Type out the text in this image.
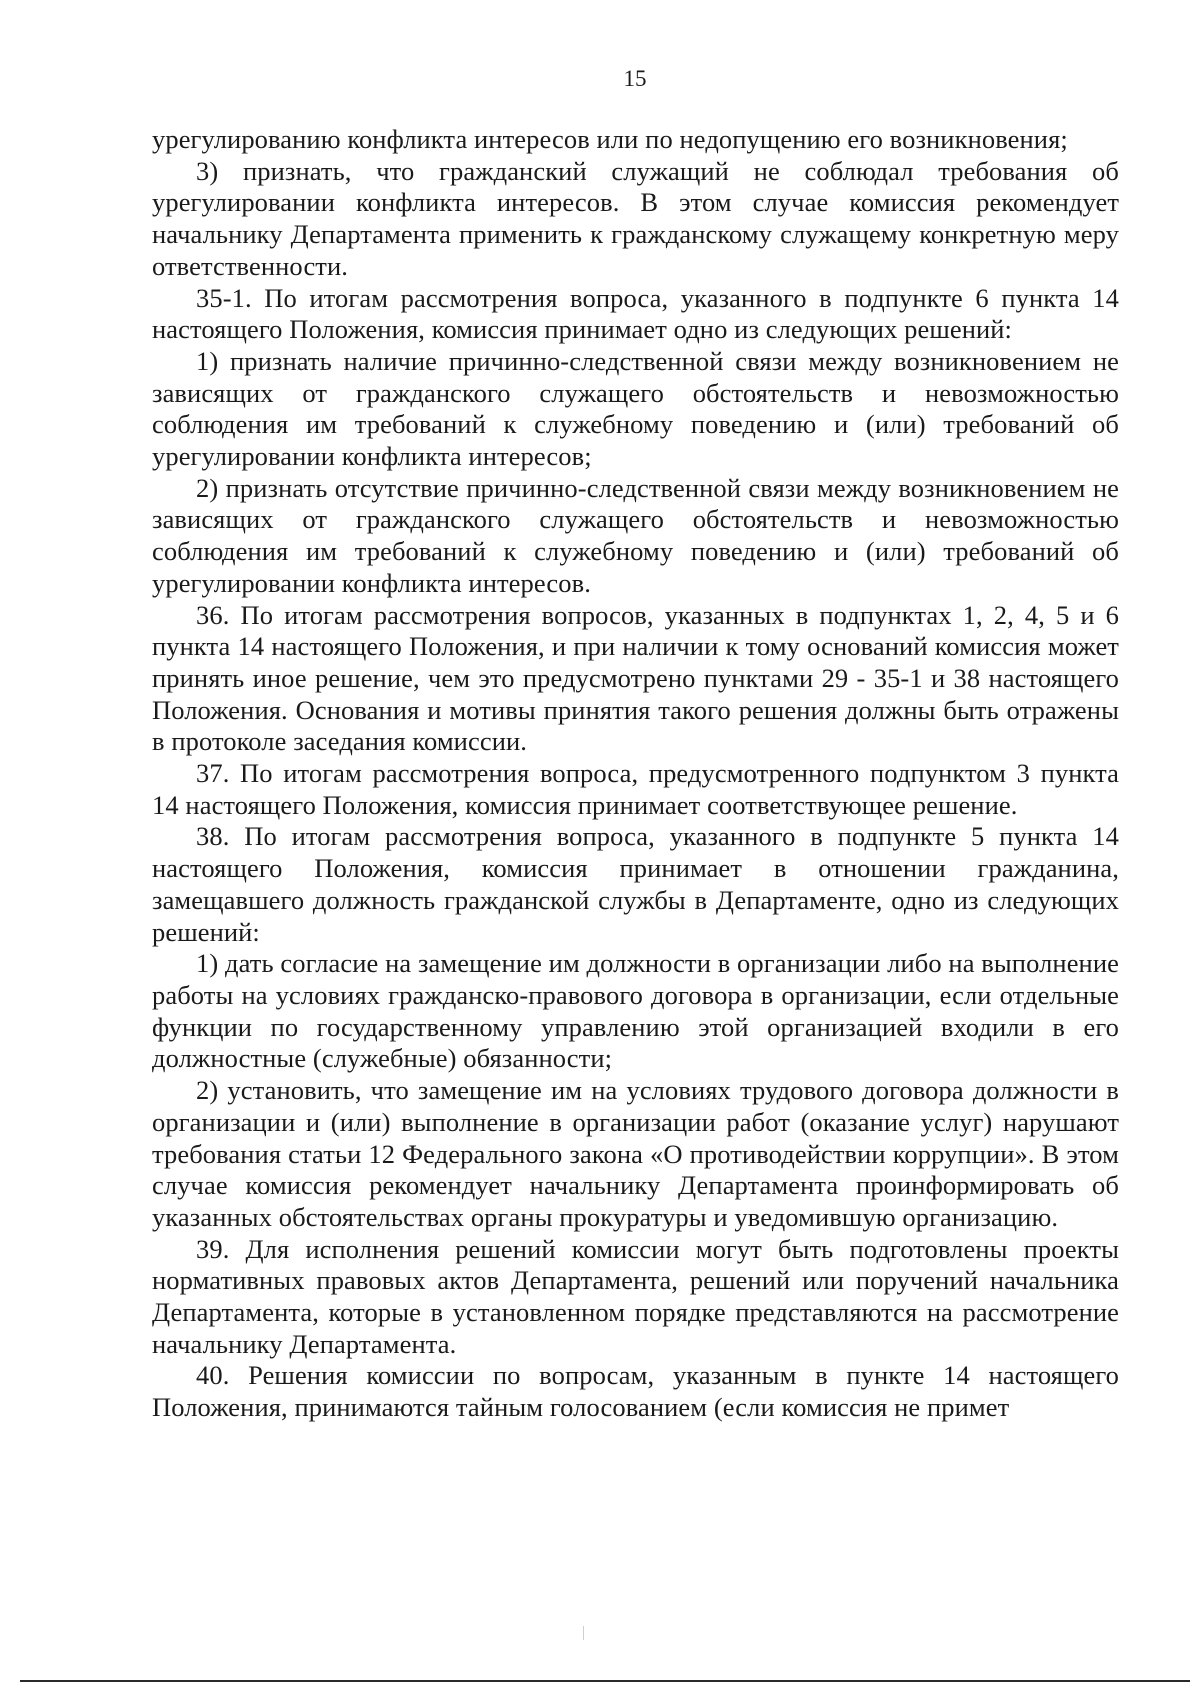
15

урегулированию конфликта интересов или по недопущению его возникновения;

3) признать, что гражданский служащий не соблюдал требования об урегулировании конфликта интересов. В этом случае комиссия рекомендует начальнику Департамента применить к гражданскому служащему конкретную меру ответственности.

35-1. По итогам рассмотрения вопроса, указанного в подпункте 6 пункта 14 настоящего Положения, комиссия принимает одно из следующих решений:

1) признать наличие причинно-следственной связи между возникновением не зависящих от гражданского служащего обстоятельств и невозможностью соблюдения им требований к служебному поведению и (или) требований об урегулировании конфликта интересов;

2) признать отсутствие причинно-следственной связи между возникновением не зависящих от гражданского служащего обстоятельств и невозможностью соблюдения им требований к служебному поведению и (или) требований об урегулировании конфликта интересов.

36. По итогам рассмотрения вопросов, указанных в подпунктах 1, 2, 4, 5 и 6 пункта 14 настоящего Положения, и при наличии к тому оснований комиссия может принять иное решение, чем это предусмотрено пунктами 29 - 35-1 и 38 настоящего Положения. Основания и мотивы принятия такого решения должны быть отражены в протоколе заседания комиссии.

37. По итогам рассмотрения вопроса, предусмотренного подпунктом 3 пункта 14 настоящего Положения, комиссия принимает соответствующее решение.

38. По итогам рассмотрения вопроса, указанного в подпункте 5 пункта 14 настоящего Положения, комиссия принимает в отношении гражданина, замещавшего должность гражданской службы в Департаменте, одно из следующих решений:

1) дать согласие на замещение им должности в организации либо на выполнение работы на условиях гражданско-правового договора в организации, если отдельные функции по государственному управлению этой организацией входили в его должностные (служебные) обязанности;

2) установить, что замещение им на условиях трудового договора должности в организации и (или) выполнение в организации работ (оказание услуг) нарушают требования статьи 12 Федерального закона «О противодействии коррупции». В этом случае комиссия рекомендует начальнику Департамента проинформировать об указанных обстоятельствах органы прокуратуры и уведомившую организацию.

39. Для исполнения решений комиссии могут быть подготовлены проекты нормативных правовых актов Департамента, решений или поручений начальника Департамента, которые в установленном порядке представляются на рассмотрение начальнику Департамента.

40. Решения комиссии по вопросам, указанным в пункте 14 настоящего Положения, принимаются тайным голосованием (если комиссия не примет
